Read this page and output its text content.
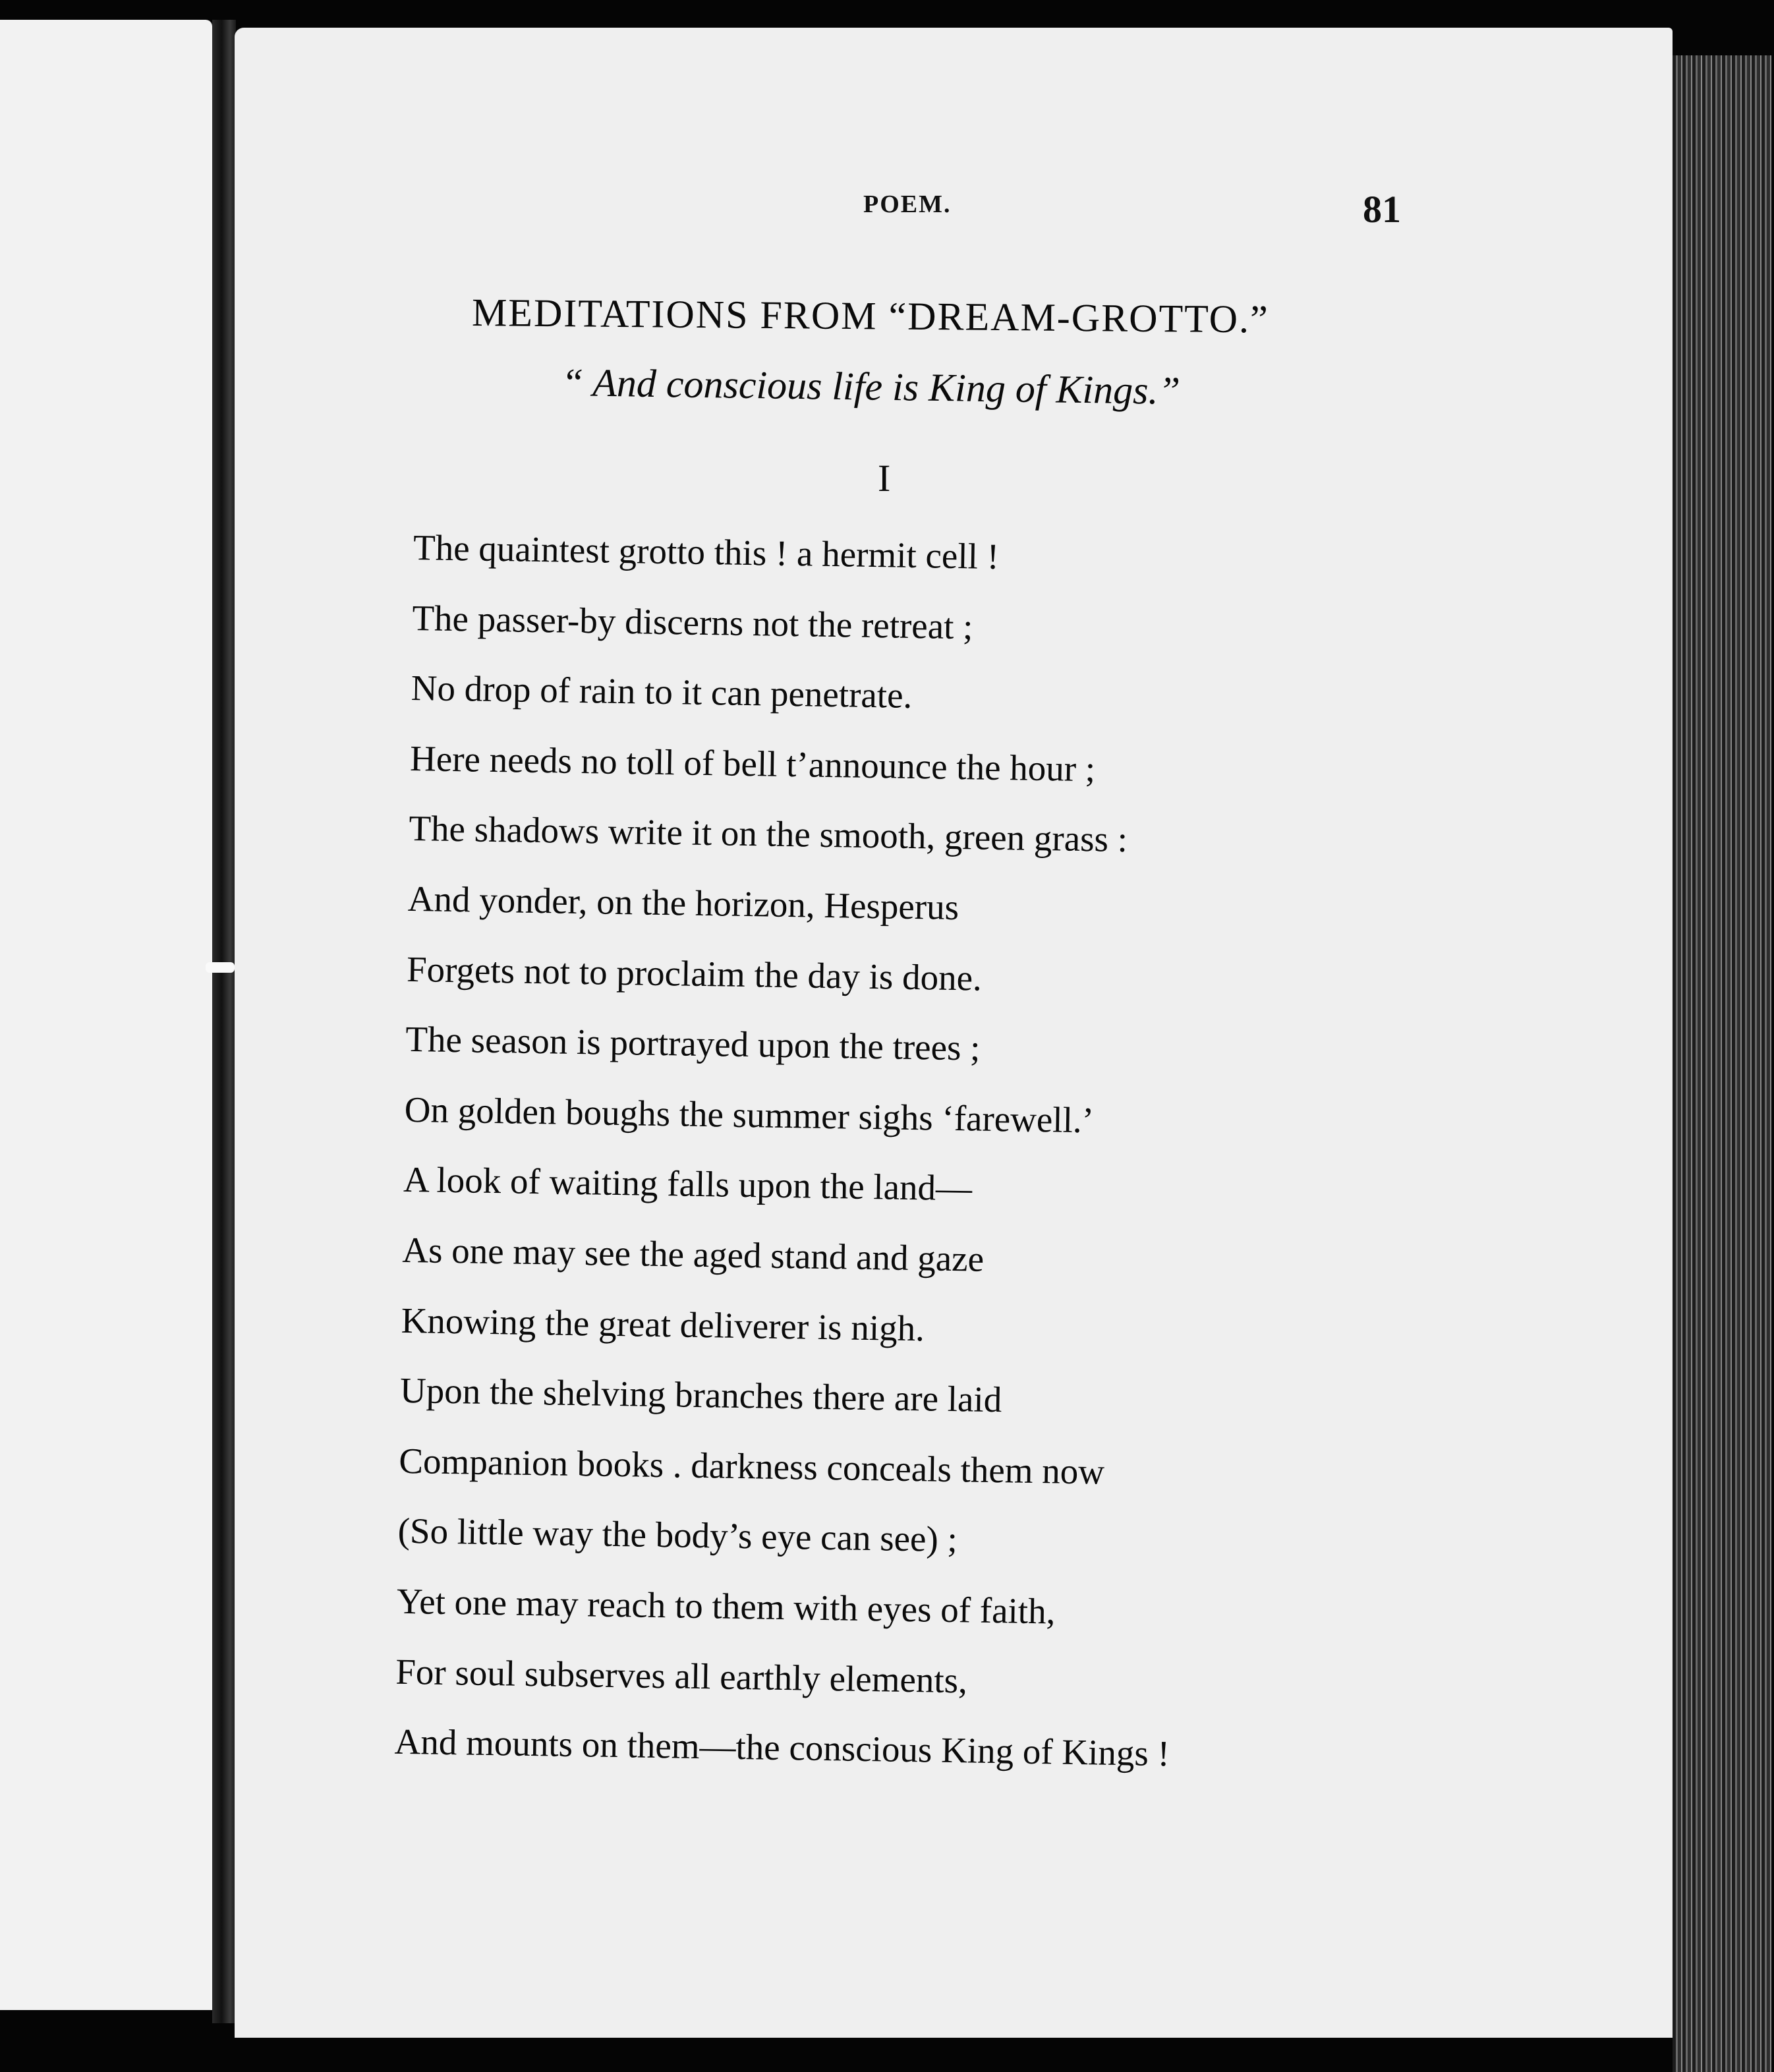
POEM.	81
MEDITATIONS FROM “DREAM-GROTTO.”
“ And conscious life is King of Kings.”
I
The quaintest grotto this ! a hermit cell !
The passer-by discerns not the retreat ;
No drop of rain to it can penetrate.
Here needs no toll of bell t’announce the hour ;
The shadows write it on the smooth, green grass :
And yonder, on the horizon, Hesperus
Forgets not to proclaim the day is done.
The season is portrayed upon the trees ;
On golden boughs the summer sighs ‘farewell.’
A look of waiting falls upon the land—
As one may see the aged stand and gaze
Knowing the great deliverer is nigh.
Upon the shelving branches there are laid
Companion books . darkness conceals them now
(So little way the body’s eye can see) ;
Yet one may reach to them with eyes of faith,
For soul subserves all earthly elements,
And mounts on them—the conscious King of Kings !
